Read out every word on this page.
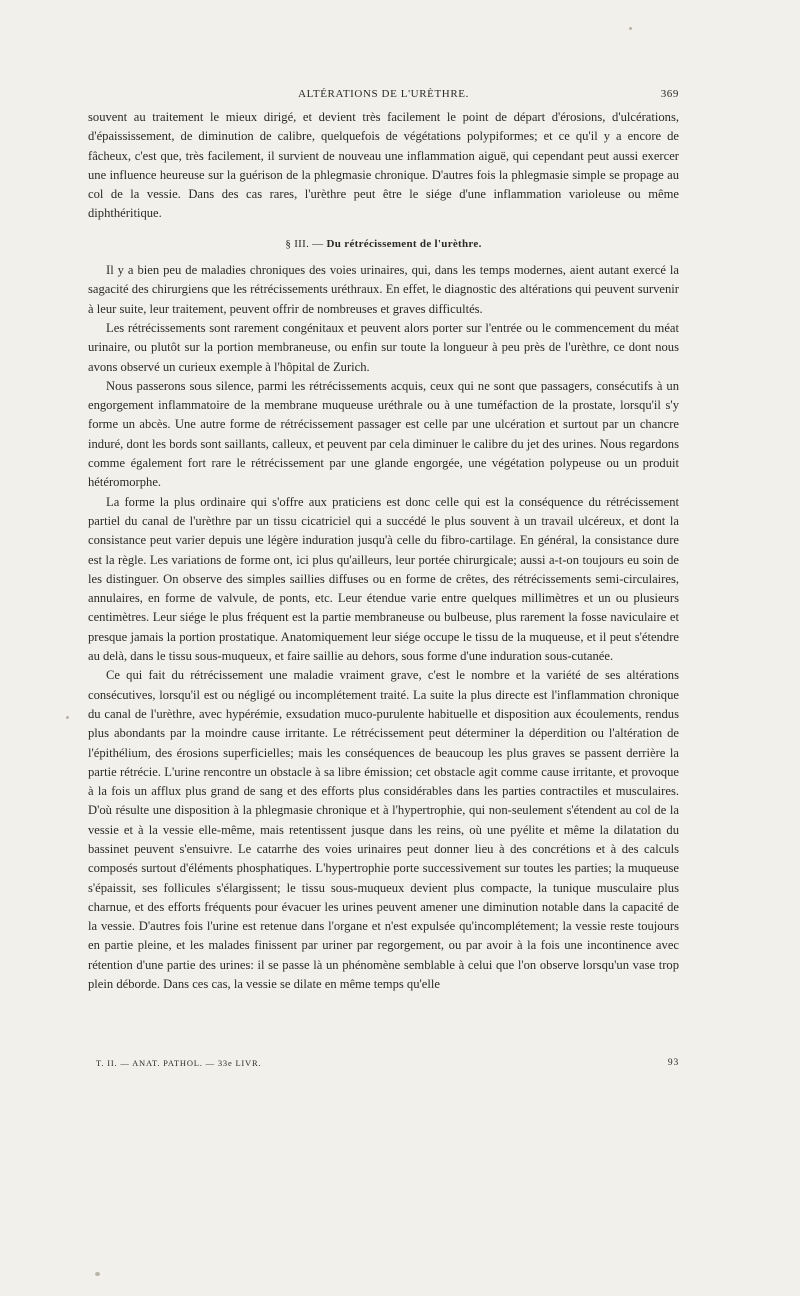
ALTÉRATIONS DE L'URÈTHRE.	369

souvent au traitement le mieux dirigé, et devient très facilement le point de départ d'érosions, d'ulcérations, d'épaississement, de diminution de calibre, quelquefois de végétations polypiformes; et ce qu'il y a encore de fâcheux, c'est que, très facilement, il survient de nouveau une inflammation aiguë, qui cependant peut aussi exercer une influence heureuse sur la guérison de la phlegmasie chronique. D'autres fois la phlegmasie simple se propage au col de la vessie. Dans des cas rares, l'urèthre peut être le siége d'une inflammation varioleuse ou même diphthéritique.

§ III. — Du rétrécissement de l'urèthre.

Il y a bien peu de maladies chroniques des voies urinaires, qui, dans les temps modernes, aient autant exercé la sagacité des chirurgiens que les rétrécissements uréthraux. En effet, le diagnostic des altérations qui peuvent survenir à leur suite, leur traitement, peuvent offrir de nombreuses et graves difficultés.

Les rétrécissements sont rarement congénitaux et peuvent alors porter sur l'entrée ou le commencement du méat urinaire, ou plutôt sur la portion membraneuse, ou enfin sur toute la longueur à peu près de l'urèthre, ce dont nous avons observé un curieux exemple à l'hôpital de Zurich.

Nous passerons sous silence, parmi les rétrécissements acquis, ceux qui ne sont que passagers, consécutifs à un engorgement inflammatoire de la membrane muqueuse uréthrale ou à une tuméfaction de la prostate, lorsqu'il s'y forme un abcès. Une autre forme de rétrécissement passager est celle par une ulcération et surtout par un chancre induré, dont les bords sont saillants, calleux, et peuvent par cela diminuer le calibre du jet des urines. Nous regardons comme également fort rare le rétrécissement par une glande engorgée, une végétation polypeuse ou un produit hétéromorphe.

La forme la plus ordinaire qui s'offre aux praticiens est donc celle qui est la conséquence du rétrécissement partiel du canal de l'urèthre par un tissu cicatriciel qui a succédé le plus souvent à un travail ulcéreux, et dont la consistance peut varier depuis une légère induration jusqu'à celle du fibro-cartilage. En général, la consistance dure est la règle. Les variations de forme ont, ici plus qu'ailleurs, leur portée chirurgicale; aussi a-t-on toujours eu soin de les distinguer. On observe des simples saillies diffuses ou en forme de crêtes, des rétrécissements semi-circulaires, annulaires, en forme de valvule, de ponts, etc. Leur étendue varie entre quelques millimètres et un ou plusieurs centimètres. Leur siége le plus fréquent est la partie membraneuse ou bulbeuse, plus rarement la fosse naviculaire et presque jamais la portion prostatique. Anatomiquement leur siége occupe le tissu de la muqueuse, et il peut s'étendre au delà, dans le tissu sous-muqueux, et faire saillie au dehors, sous forme d'une induration sous-cutanée.

Ce qui fait du rétrécissement une maladie vraiment grave, c'est le nombre et la variété de ses altérations consécutives, lorsqu'il est ou négligé ou incomplétement traité. La suite la plus directe est l'inflammation chronique du canal de l'urèthre, avec hypérémie, exsudation muco-purulente habituelle et disposition aux écoulements, rendus plus abondants par la moindre cause irritante. Le rétrécissement peut déterminer la déperdition ou l'altération de l'épithélium, des érosions superficielles; mais les conséquences de beaucoup les plus graves se passent derrière la partie rétrécie. L'urine rencontre un obstacle à sa libre émission; cet obstacle agit comme cause irritante, et provoque à la fois un afflux plus grand de sang et des efforts plus considérables dans les parties contractiles et musculaires. D'où résulte une disposition à la phlegmasie chronique et à l'hypertrophie, qui non-seulement s'étendent au col de la vessie et à la vessie elle-même, mais retentissent jusque dans les reins, où une pyélite et même la dilatation du bassinet peuvent s'ensuivre. Le catarrhe des voies urinaires peut donner lieu à des concrétions et à des calculs composés surtout d'éléments phosphatiques. L'hypertrophie porte successivement sur toutes les parties; la muqueuse s'épaissit, ses follicules s'élargissent; le tissu sous-muqueux devient plus compacte, la tunique musculaire plus charnue, et des efforts fréquents pour évacuer les urines peuvent amener une diminution notable dans la capacité de la vessie. D'autres fois l'urine est retenue dans l'organe et n'est expulsée qu'incomplétement; la vessie reste toujours en partie pleine, et les malades finissent par uriner par regorgement, ou par avoir à la fois une incontinence avec rétention d'une partie des urines: il se passe là un phénomène semblable à celui que l'on observe lorsqu'un vase trop plein déborde. Dans ces cas, la vessie se dilate en même temps qu'elle

T. II. — ANAT. PATHOL. — 33e LIVR.	93
